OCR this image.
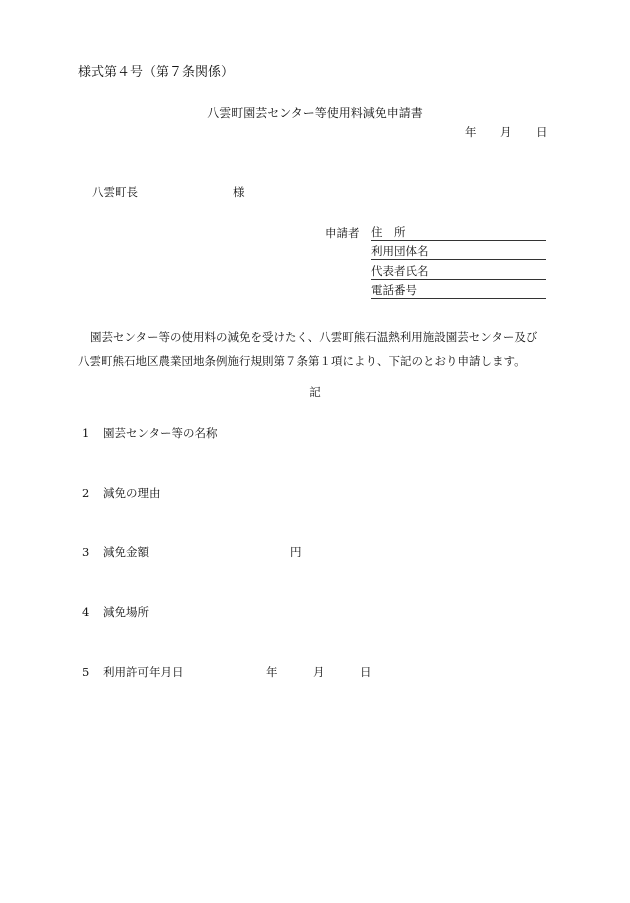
様式第４号（第７条関係）
八雲町園芸センター等使用料減免申請書
年 月 日
八雲町長	様
申請者 住　所
利用団体名
代表者氏名
電話番号
園芸センター等の使用料の減免を受けたく、八雲町熊石温熱利用施設園芸センター及び八雲町熊石地区農業団地条例施行規則第７条第１項により、下記のとおり申請します。
記
1 園芸センター等の名称
2 減免の理由
3 減免金額	円
4 減免場所
5 利用許可年月日	年	月	日
